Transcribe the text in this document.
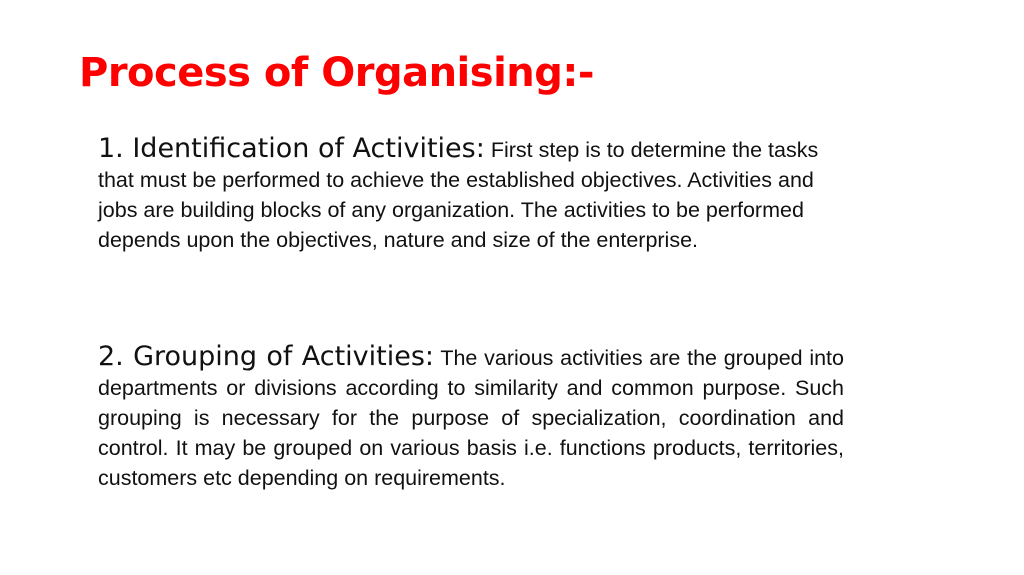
Process of Organising:-

1. Identification of Activities: First step is to determine the tasks that must be performed to achieve the established objectives. Activities and jobs are building blocks of any organization. The activities to be performed depends upon the objectives, nature and size of the enterprise.

2. Grouping of Activities: The various activities are the grouped into departments or divisions according to similarity and common purpose. Such grouping is necessary for the purpose of specialization, coordination and control. It may be grouped on various basis i.e. functions products, territories, customers etc depending on requirements.
